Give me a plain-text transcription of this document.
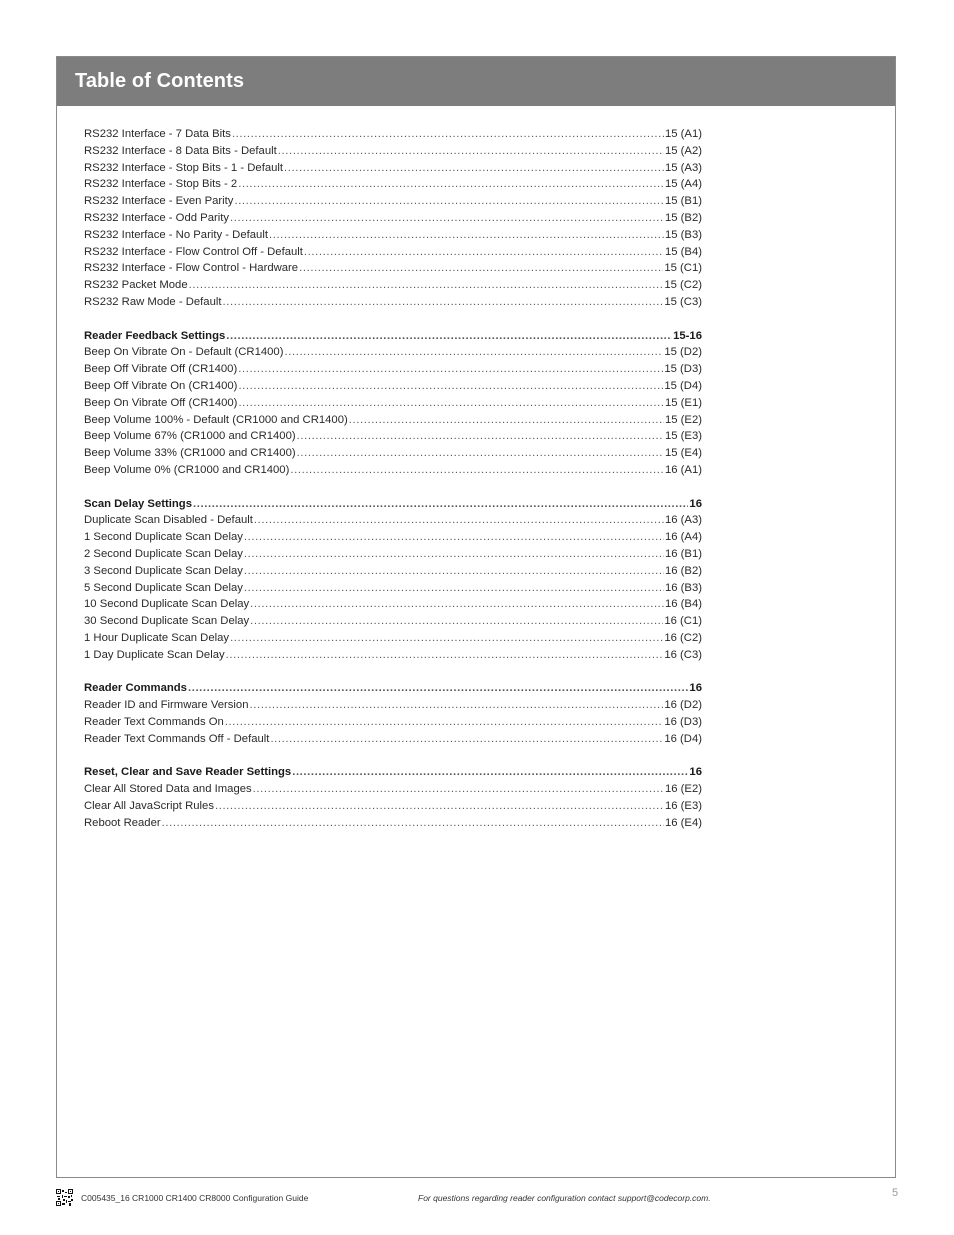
Table of Contents
RS232 Interface - 7 Data Bits .....	15 (A1)
RS232 Interface - 8 Data Bits - Default .....	15 (A2)
RS232 Interface - Stop Bits - 1 - Default .....	15 (A3)
RS232 Interface - Stop Bits - 2 .....	15 (A4)
RS232 Interface - Even Parity .....	15 (B1)
RS232 Interface - Odd Parity .....	15 (B2)
RS232 Interface - No Parity - Default .....	15 (B3)
RS232 Interface - Flow Control Off - Default .....	15 (B4)
RS232 Interface - Flow Control - Hardware .....	15 (C1)
RS232 Packet Mode .....	15 (C2)
RS232 Raw Mode - Default .....	15 (C3)
Reader Feedback Settings .....	15-16
Beep On Vibrate On - Default (CR1400) .....	15 (D2)
Beep Off Vibrate Off (CR1400) .....	15 (D3)
Beep Off Vibrate On (CR1400) .....	15 (D4)
Beep On Vibrate Off (CR1400) .....	15 (E1)
Beep Volume 100% - Default (CR1000 and CR1400) .....	15 (E2)
Beep Volume 67% (CR1000 and CR1400) .....	15 (E3)
Beep Volume 33% (CR1000 and CR1400) .....	15 (E4)
Beep Volume 0% (CR1000 and CR1400) .....	16 (A1)
Scan Delay Settings .....	16
Duplicate Scan Disabled - Default .....	16 (A3)
1 Second Duplicate Scan Delay .....	16 (A4)
2 Second Duplicate Scan Delay .....	16 (B1)
3 Second Duplicate Scan Delay .....	16 (B2)
5 Second Duplicate Scan Delay .....	16 (B3)
10 Second Duplicate Scan Delay .....	16 (B4)
30 Second Duplicate Scan Delay .....	16 (C1)
1 Hour Duplicate Scan Delay .....	16 (C2)
1 Day Duplicate Scan Delay .....	16 (C3)
Reader Commands .....	16
Reader ID and Firmware Version .....	16 (D2)
Reader Text Commands On .....	16 (D3)
Reader Text Commands Off - Default .....	16 (D4)
Reset, Clear and Save Reader Settings .....	16
Clear All Stored Data and Images .....	16 (E2)
Clear All JavaScript Rules .....	16 (E3)
Reboot Reader .....	16 (E4)
C005435_16 CR1000 CR1400 CR8000 Configuration Guide	For questions regarding reader configuration contact support@codecorp.com.	5
